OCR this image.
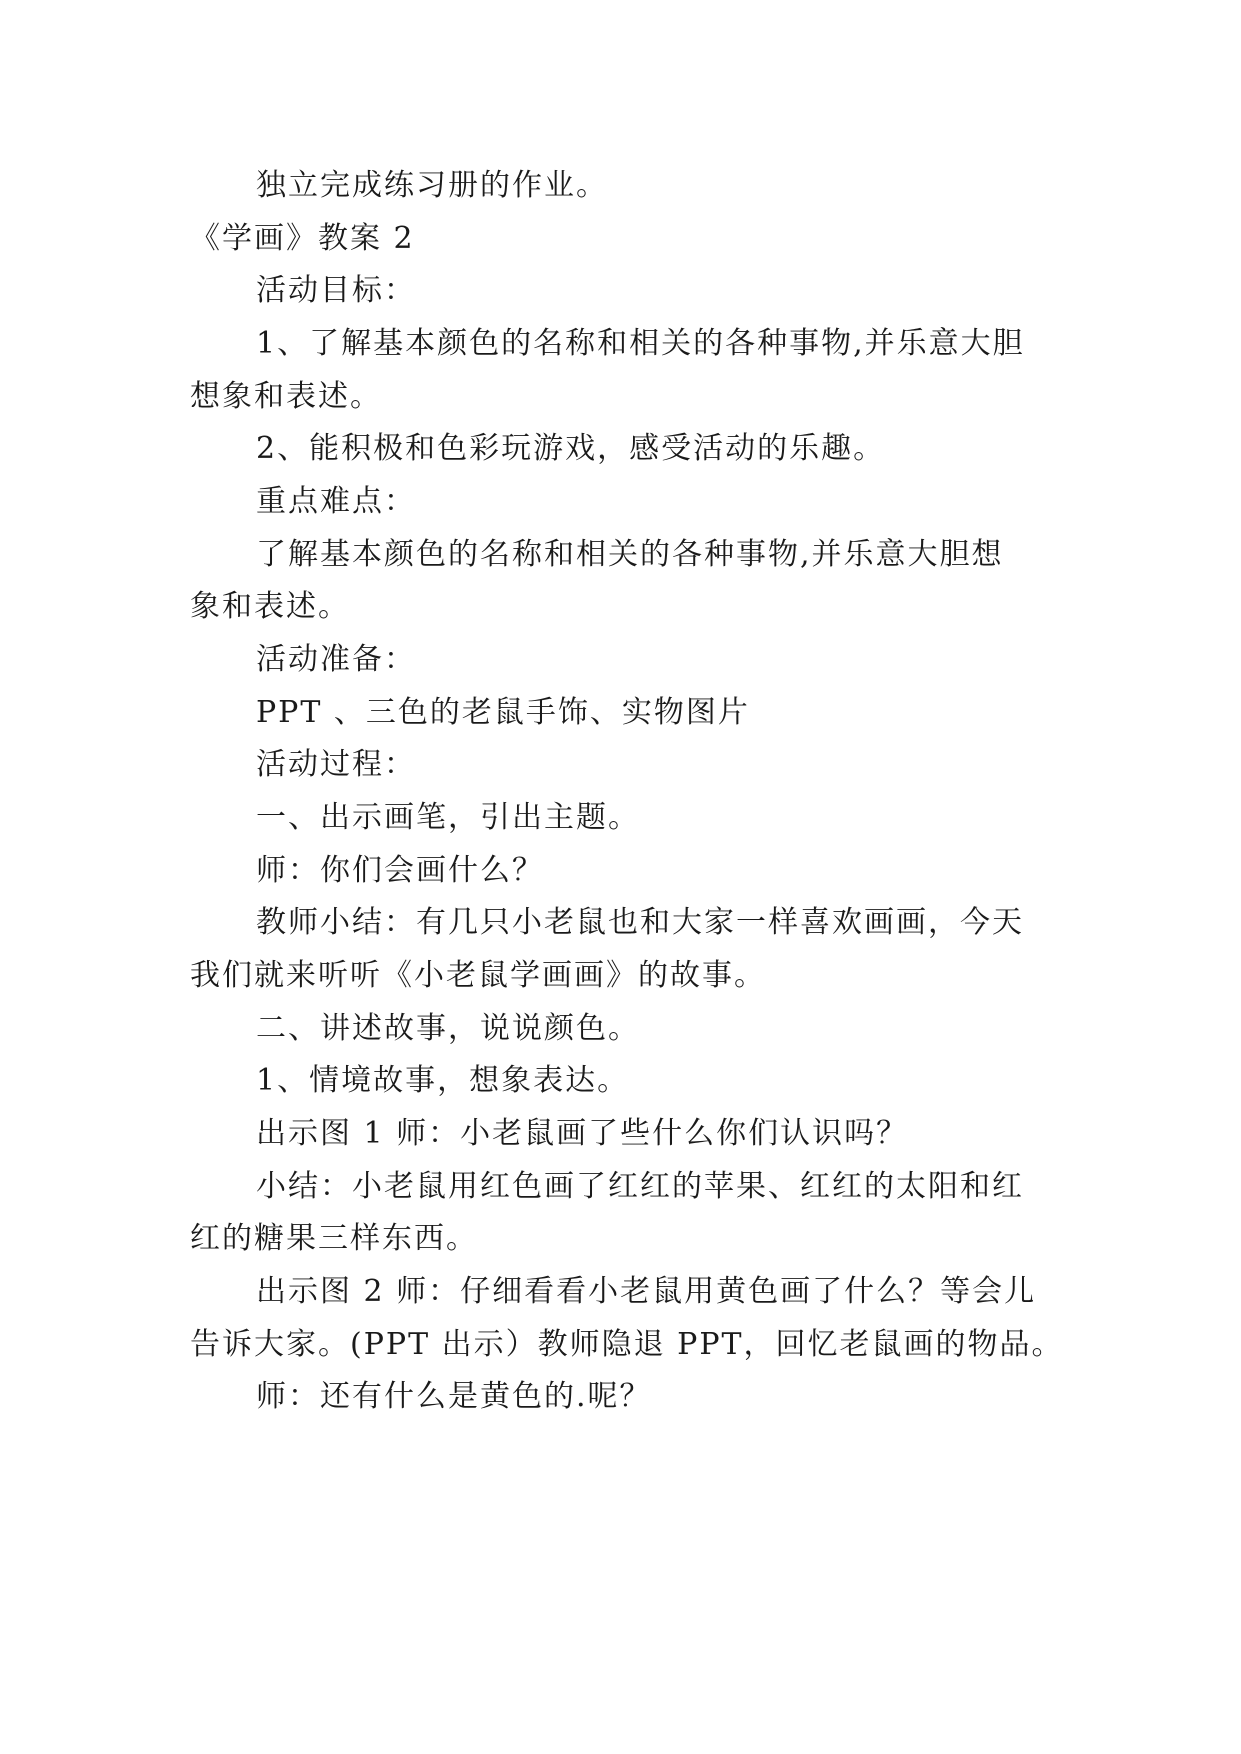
独立完成练习册的作业。
《学画》教案 2
活动目标：
1、了解基本颜色的名称和相关的各种事物,并乐意大胆
想象和表述。
2、能积极和色彩玩游戏，感受活动的乐趣。
重点难点：
了解基本颜色的名称和相关的各种事物,并乐意大胆想
象和表述。
活动准备：
PPT 、三色的老鼠手饰、实物图片
活动过程：
一、出示画笔，引出主题。
师：你们会画什么？
教师小结：有几只小老鼠也和大家一样喜欢画画，今天
我们就来听听《小老鼠学画画》的故事。
二、讲述故事，说说颜色。
1、情境故事，想象表达。
出示图 1 师：小老鼠画了些什么你们认识吗？
小结：小老鼠用红色画了红红的苹果、红红的太阳和红
红的糖果三样东西。
出示图 2 师：仔细看看小老鼠用黄色画了什么？等会儿
告诉大家。(PPT 出示）教师隐退 PPT，回忆老鼠画的物品。
师：还有什么是黄色的.呢？
